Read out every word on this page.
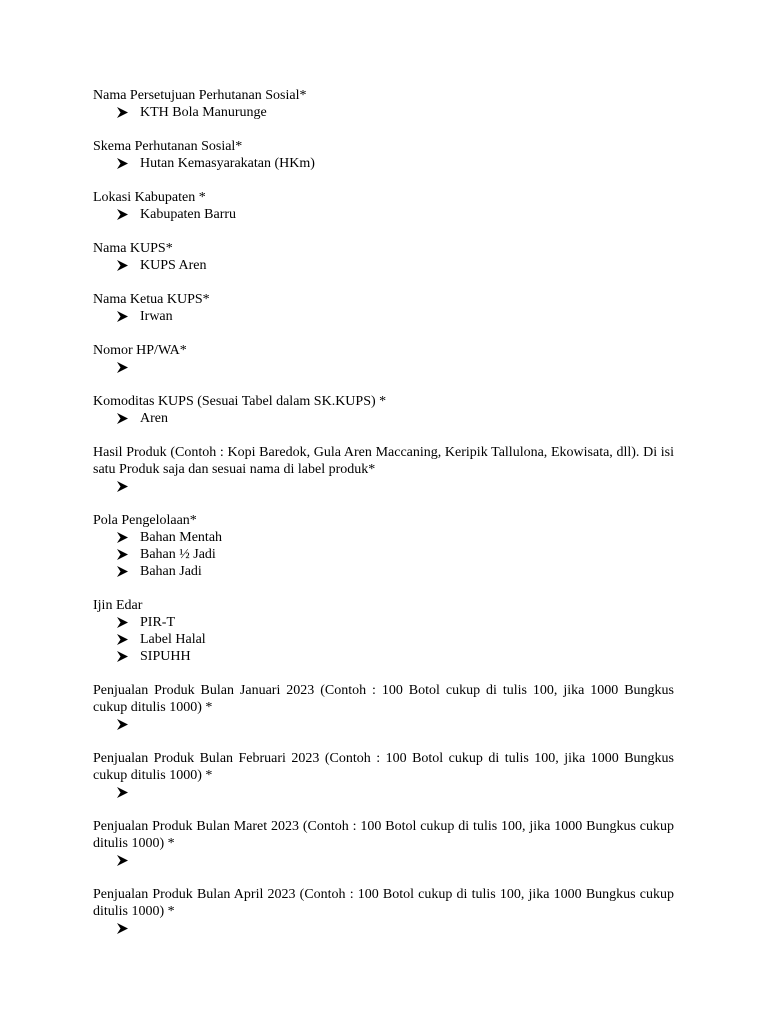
Nama Persetujuan Perhutanan Sosial*
KTH Bola Manurunge
Skema Perhutanan Sosial*
Hutan Kemasyarakatan (HKm)
Lokasi Kabupaten *
Kabupaten Barru
Nama KUPS*
KUPS Aren
Nama Ketua KUPS*
Irwan
Nomor HP/WA*
Komoditas KUPS (Sesuai Tabel dalam SK.KUPS) *
Aren
Hasil Produk (Contoh : Kopi Baredok, Gula Aren Maccaning, Keripik Tallulona, Ekowisata, dll). Di isi satu Produk saja dan sesuai nama di label produk*
Pola Pengelolaan*
Bahan Mentah
Bahan ½ Jadi
Bahan Jadi
Ijin Edar
PIR-T
Label Halal
SIPUHH
Penjualan Produk Bulan Januari 2023 (Contoh : 100 Botol cukup di tulis 100, jika 1000 Bungkus cukup ditulis 1000) *
Penjualan Produk Bulan Februari 2023 (Contoh : 100 Botol cukup di tulis 100, jika 1000 Bungkus cukup ditulis 1000) *
Penjualan Produk Bulan Maret 2023 (Contoh : 100 Botol cukup di tulis 100, jika 1000 Bungkus cukup ditulis 1000) *
Penjualan Produk Bulan April 2023 (Contoh : 100 Botol cukup di tulis 100, jika 1000 Bungkus cukup ditulis 1000) *
